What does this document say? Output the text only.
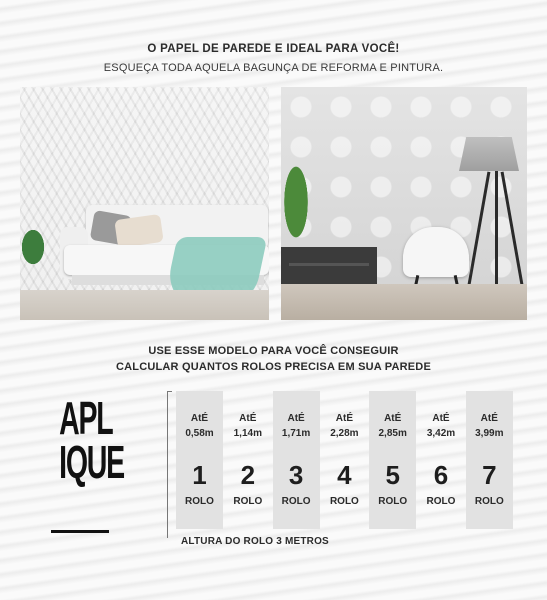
O PAPEL DE PAREDE E IDEAL PARA VOCÊ!
ESQUEÇA TODA AQUELA BAGUNÇA DE REFORMA E PINTURA.
USE ESSE MODELO PARA VOCÊ CONSEGUIR
CALCULAR QUANTOS ROLOS PRECISA EM SUA PAREDE
APL
IQUE
AtÉ
0,58m
1
ROLO
AtÉ
1,14m
2
ROLO
AtÉ
1,71m
3
ROLO
AtÉ
2,28m
4
ROLO
AtÉ
2,85m
5
ROLO
AtÉ
3,42m
6
ROLO
AtÉ
3,99m
7
ROLO
ALTURA DO ROLO 3 METROS
